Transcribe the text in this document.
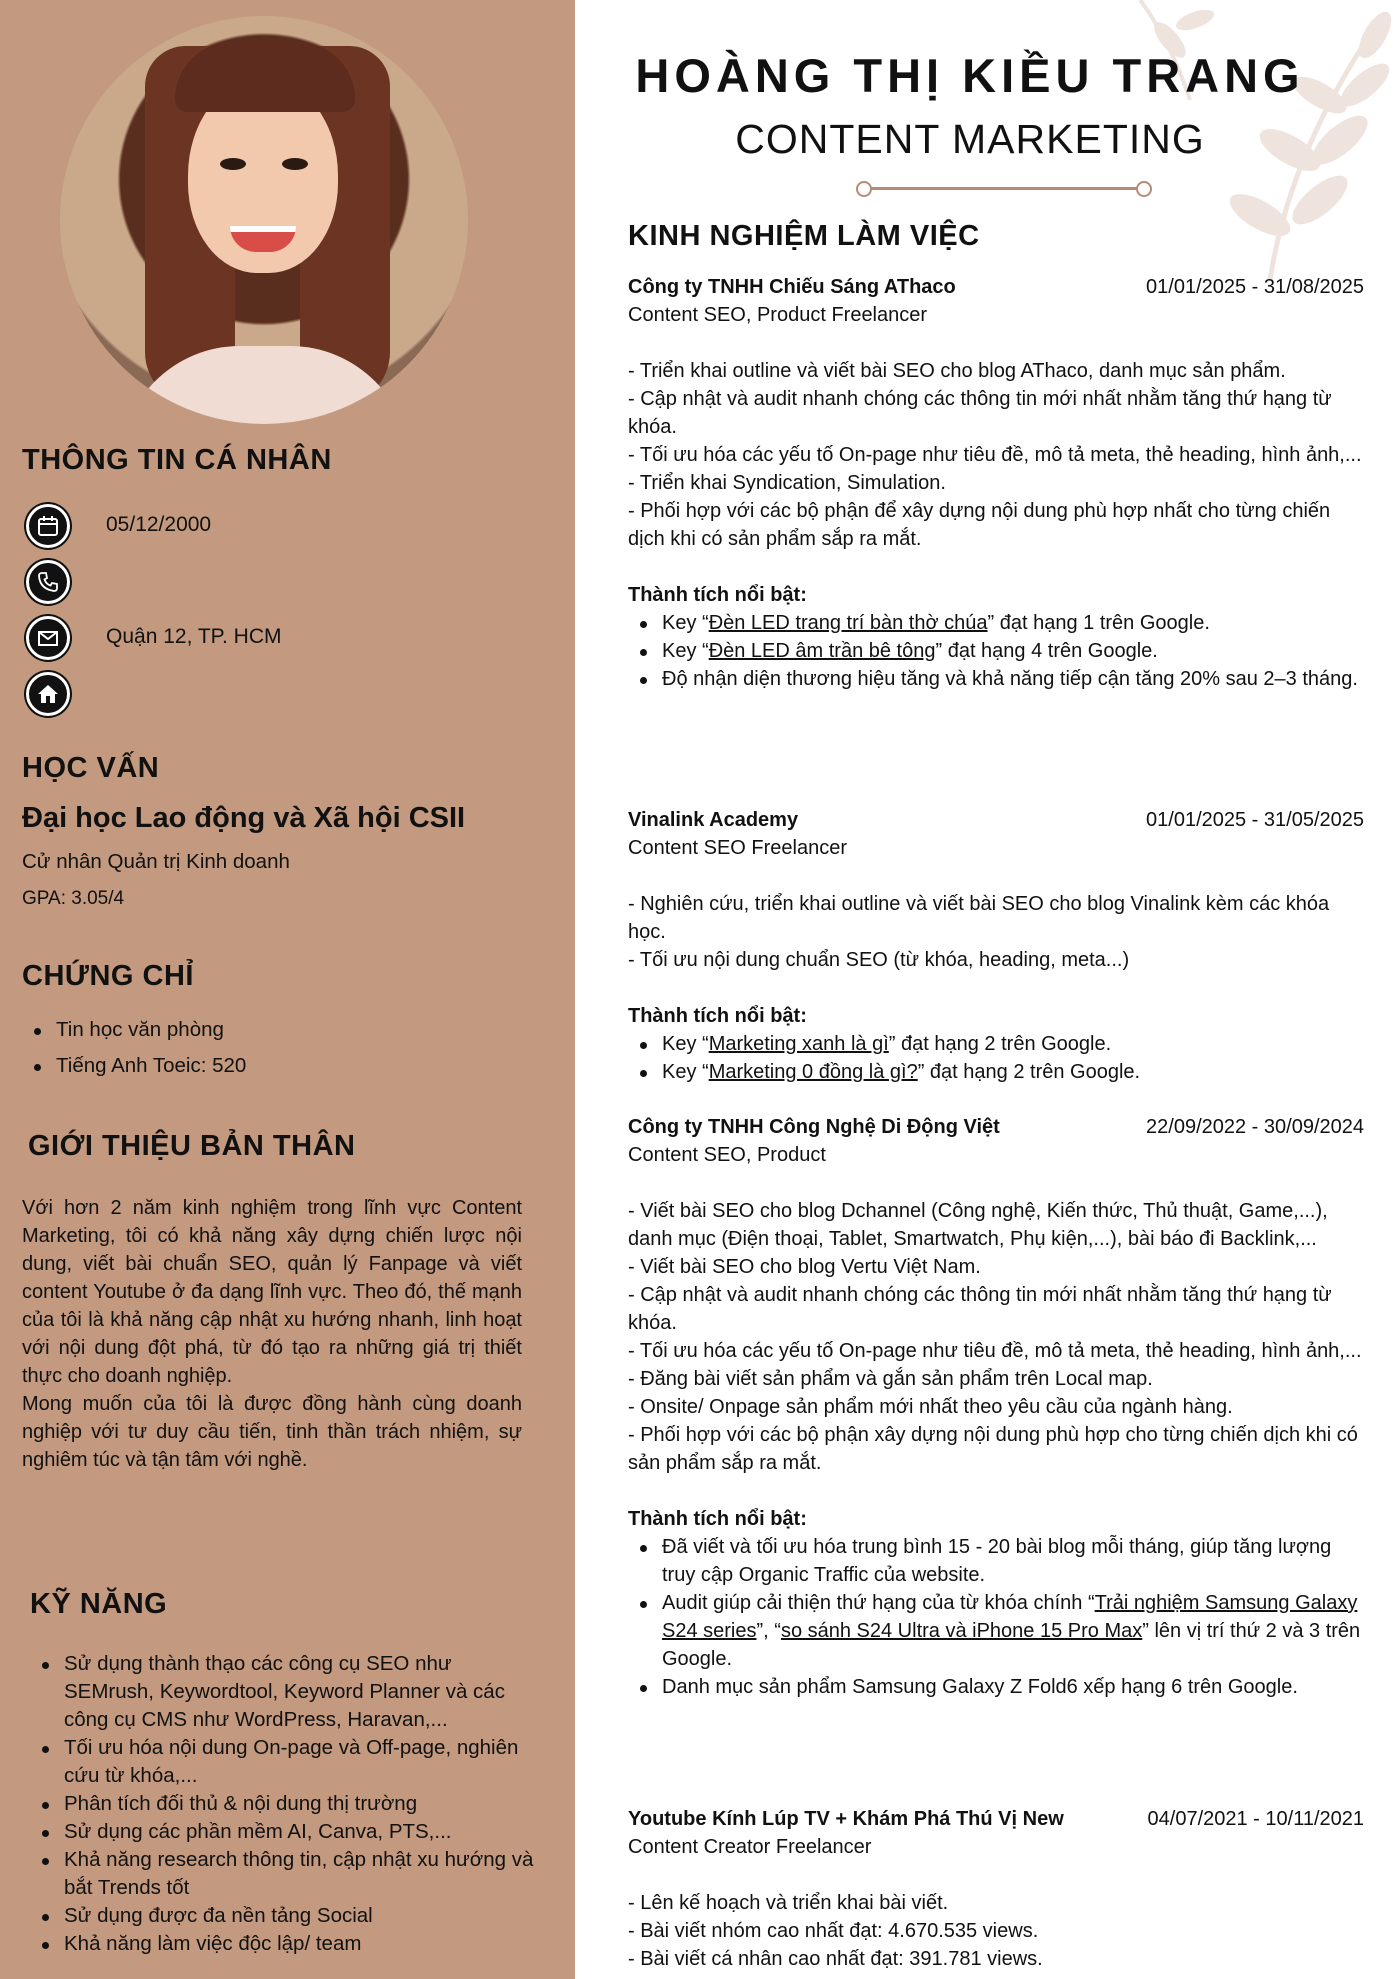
THÔNG TIN CÁ NHÂN
05/12/2000
Quận 12, TP. HCM
HỌC VẤN
Đại học Lao động và Xã hội CSII
Cử nhân Quản trị Kinh doanh
GPA: 3.05/4
CHỨNG CHỈ
Tin học văn phòng
Tiếng Anh Toeic: 520
GIỚI THIỆU BẢN THÂN

Với hơn 2 năm kinh nghiệm trong lĩnh vực Content Marketing, tôi có khả năng xây dựng chiến lược nội dung, viết bài chuẩn SEO, quản lý Fanpage và viết content Youtube ở đa dạng lĩnh vực. Theo đó, thế mạnh của tôi là khả năng cập nhật xu hướng nhanh, linh hoạt với nội dung đột phá, từ đó tạo ra những giá trị thiết thực cho doanh nghiệp.

Mong muốn của tôi là được đồng hành cùng doanh nghiệp với tư duy cầu tiến, tinh thần trách nhiệm, sự nghiêm túc và tận tâm với nghề.

KỸ NĂNG
Sử dụng thành thạo các công cụ SEO như SEMrush, Keywordtool, Keyword Planner và các công cụ CMS như WordPress, Haravan,...
Tối ưu hóa nội dung On-page và Off-page, nghiên cứu từ khóa,...
Phân tích đối thủ & nội dung thị trường
Sử dụng các phần mềm AI, Canva, PTS,...
Khả năng research thông tin, cập nhật xu hướng và bắt Trends tốt
Sử dụng được đa nền tảng Social
Khả năng làm việc độc lập/ team
HOÀNG THỊ KIỀU TRANG
CONTENT MARKETING
KINH NGHIỆM LÀM VIỆC
Công ty TNHH Chiếu Sáng AThaco	01/01/2025 - 31/08/2025
Content SEO, Product Freelancer
- Triển khai outline và viết bài SEO cho blog AThaco, danh mục sản phẩm.
- Cập nhật và audit nhanh chóng các thông tin mới nhất nhằm tăng thứ hạng từ khóa.
- Tối ưu hóa các yếu tố On-page như tiêu đề, mô tả meta, thẻ heading, hình ảnh,...
- Triển khai Syndication, Simulation.
- Phối hợp với các bộ phận để xây dựng nội dung phù hợp nhất cho từng chiến dịch khi có sản phẩm sắp ra mắt.
Thành tích nổi bật:
Key “Đèn LED trang trí bàn thờ chúa” đạt hạng 1 trên Google.
Key “Đèn LED âm trần bê tông” đạt hạng 4 trên Google.
Độ nhận diện thương hiệu tăng và khả năng tiếp cận tăng 20% sau 2–3 tháng.
Vinalink Academy	01/01/2025 - 31/05/2025
Content SEO Freelancer
- Nghiên cứu, triển khai outline và viết bài SEO cho blog Vinalink kèm các khóa học.
- Tối ưu nội dung chuẩn SEO (từ khóa, heading, meta...)
Thành tích nổi bật:
Key “Marketing xanh là gì” đạt hạng 2 trên Google.
Key “Marketing 0 đồng là gì?” đạt hạng 2 trên Google.
Công ty TNHH Công Nghệ Di Động Việt	22/09/2022 - 30/09/2024
Content SEO, Product
- Viết bài SEO cho blog Dchannel (Công nghệ, Kiến thức, Thủ thuật, Game,...), danh mục (Điện thoại, Tablet, Smartwatch, Phụ kiện,...), bài báo đi Backlink,...
- Viết bài SEO cho blog Vertu Việt Nam.
- Cập nhật và audit nhanh chóng các thông tin mới nhất nhằm tăng thứ hạng từ khóa.
- Tối ưu hóa các yếu tố On-page như tiêu đề, mô tả meta, thẻ heading, hình ảnh,...
- Đăng bài viết sản phẩm và gắn sản phẩm trên Local map.
- Onsite/ Onpage sản phẩm mới nhất theo yêu cầu của ngành hàng.
- Phối hợp với các bộ phận xây dựng nội dung phù hợp cho từng chiến dịch khi có sản phẩm sắp ra mắt.
Thành tích nổi bật:
Đã viết và tối ưu hóa trung bình 15 - 20 bài blog mỗi tháng, giúp tăng lượng truy cập Organic Traffic của website.
Audit giúp cải thiện thứ hạng của từ khóa chính “Trải nghiệm Samsung Galaxy S24 series”, “so sánh S24 Ultra và iPhone 15 Pro Max” lên vị trí thứ 2 và 3 trên Google.
Danh mục sản phẩm Samsung Galaxy Z Fold6 xếp hạng 6 trên Google.
Youtube Kính Lúp TV + Khám Phá Thú Vị New	04/07/2021 - 10/11/2021
Content Creator Freelancer
- Lên kế hoạch và triển khai bài viết.
- Bài viết nhóm cao nhất đạt: 4.670.535 views.
- Bài viết cá nhân cao nhất đạt: 391.781 views.
